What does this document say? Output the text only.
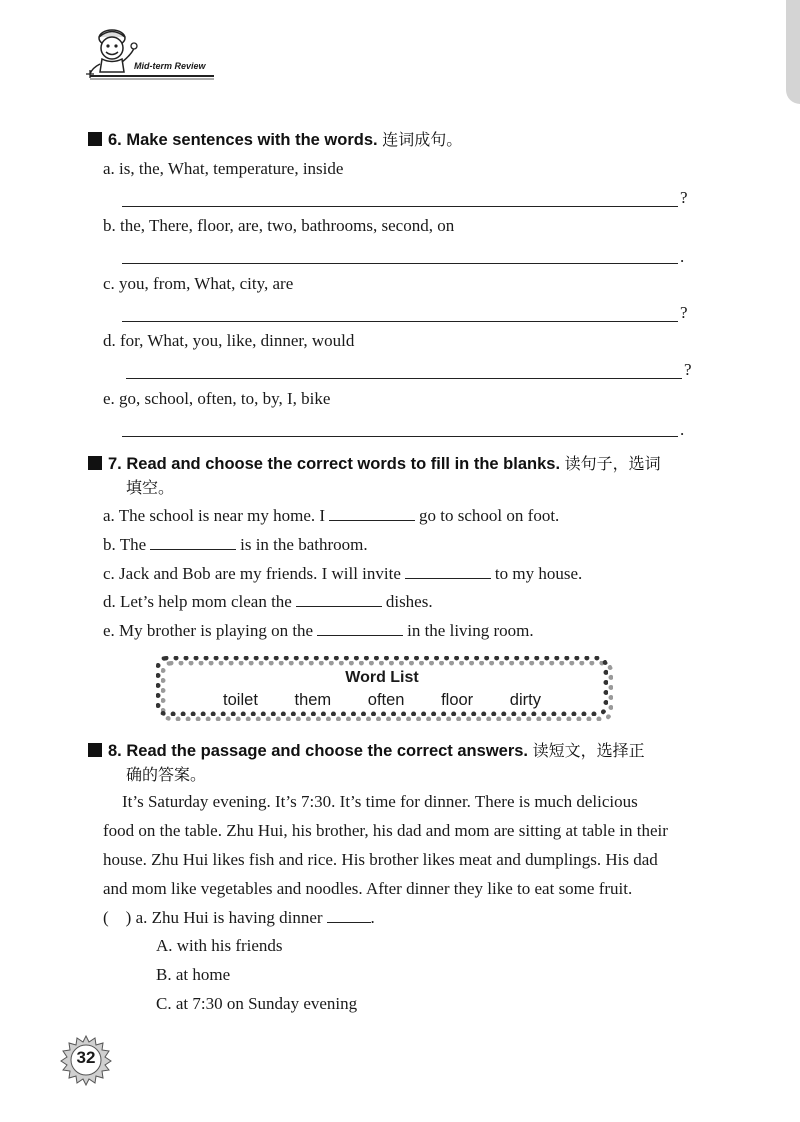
Mid-term Review
6. Make sentences with the words. 连词成句。
a. is, the, What, temperature, inside
?
b. the, There, floor, are, two, bathrooms, second, on
.
c. you, from, What, city, are
?
d. for, What, you, like, dinner, would
?
e. go, school, often, to, by, I, bike
.
7. Read and choose the correct words to fill in the blanks. 读句子，选词
填空。
a. The school is near my home. I	go to school on foot.
b. The	is in the bathroom.
c. Jack and Bob are my friends. I will invite	to my house.
d. Let’s help mom clean the	dishes.
e. My brother is playing on the	in the living room.
Word List
toilet them often floor dirty
8. Read the passage and choose the correct answers. 读短文，选择正
确的答案。
It’s Saturday evening. It’s 7:30. It’s time for dinner. There is much delicious
food on the table. Zhu Hui, his brother, his dad and mom are sitting at table in their
house. Zhu Hui likes fish and rice. His brother likes meat and dumplings. His dad
and mom like vegetables and noodles. After dinner they like to eat some fruit.
(    ) a. Zhu Hui is having dinner	.
A. with his friends
B. at home
C. at 7:30 on Sunday evening
32
